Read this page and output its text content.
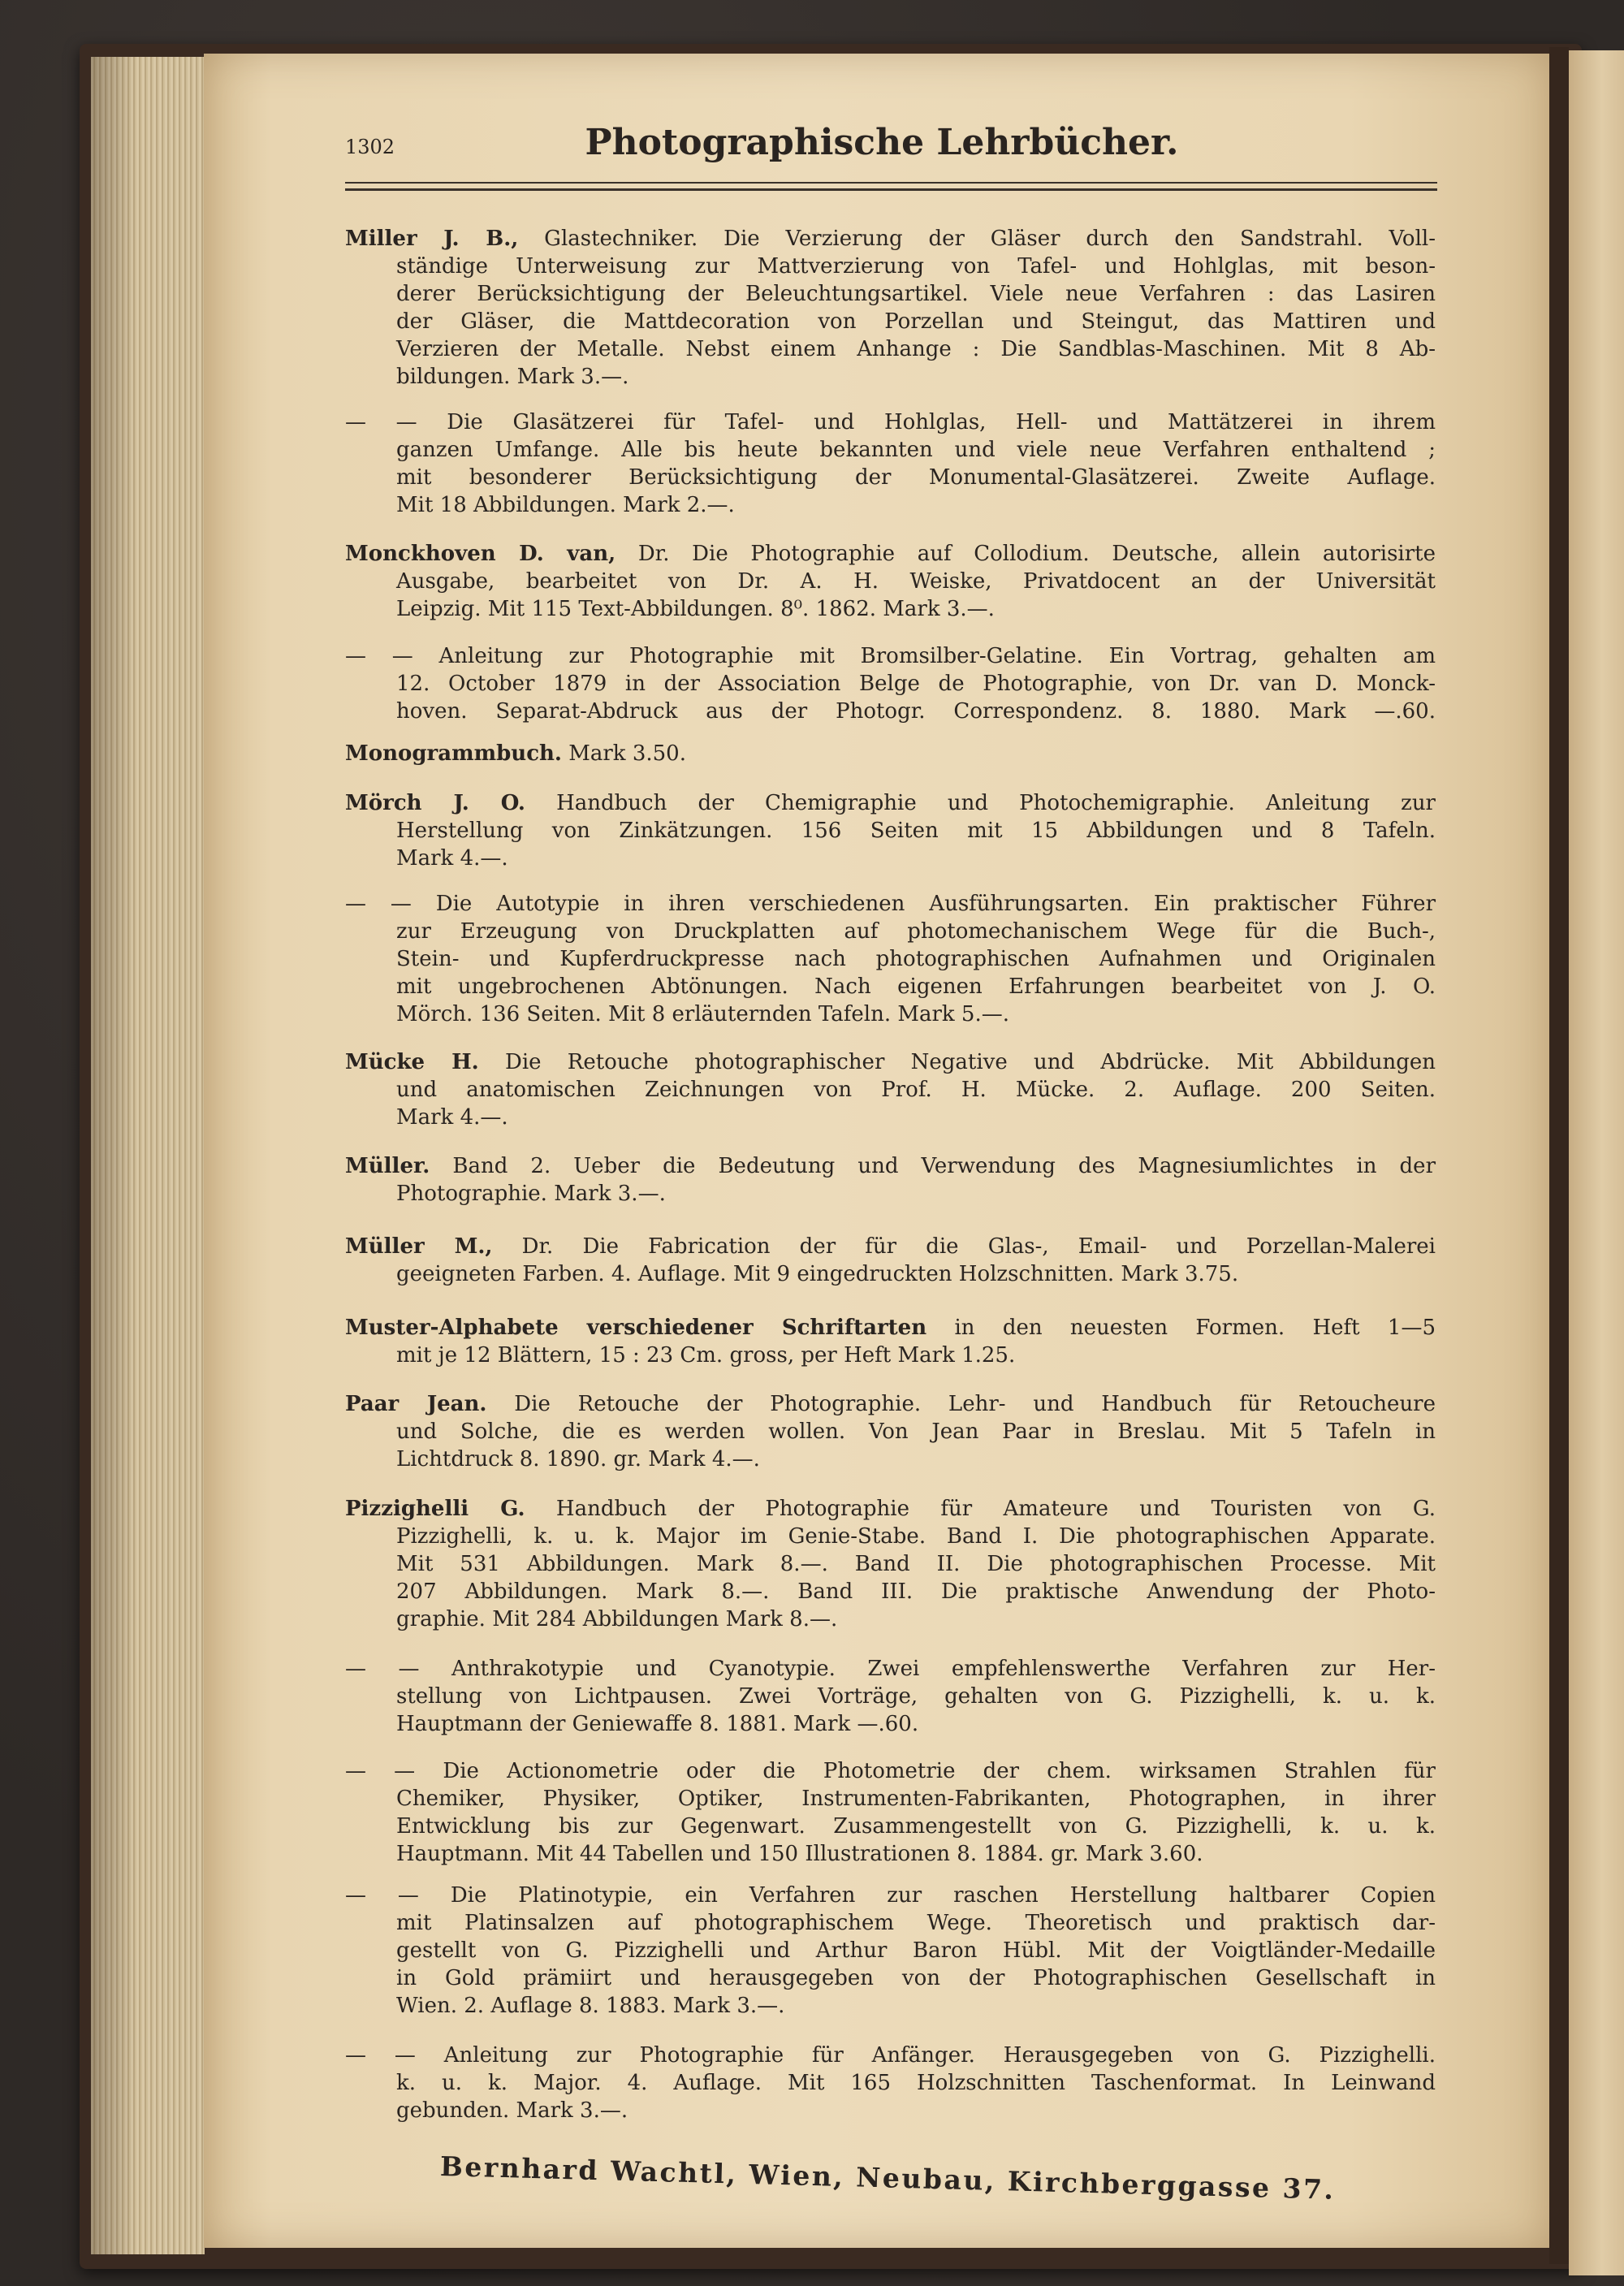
1302	Photographische Lehrbücher.
Miller J. B., Glastechniker. Die Verzierung der Gläser durch den Sandstrahl. Voll-
ständige Unterweisung zur Mattverzierung von Tafel- und Hohlglas, mit beson-
derer Berücksichtigung der Beleuchtungsartikel. Viele neue Verfahren : das Lasiren
der Gläser, die Mattdecoration von Porzellan und Steingut, das Mattiren und
Verzieren der Metalle. Nebst einem Anhange : Die Sandblas-Maschinen. Mit 8 Ab-
bildungen. Mark 3.—.
— — Die Glasätzerei für Tafel- und Hohlglas, Hell- und Mattätzerei in ihrem
ganzen Umfange. Alle bis heute bekannten und viele neue Verfahren enthaltend ;
mit besonderer Berücksichtigung der Monumental-Glasätzerei. Zweite Auflage.
Mit 18 Abbildungen. Mark 2.—.
Monckhoven D. van, Dr. Die Photographie auf Collodium. Deutsche, allein autorisirte
Ausgabe, bearbeitet von Dr. A. H. Weiske, Privatdocent an der Universität
Leipzig. Mit 115 Text-Abbildungen. 8⁰. 1862. Mark 3.—.
— — Anleitung zur Photographie mit Bromsilber-Gelatine. Ein Vortrag, gehalten am
12. October 1879 in der Association Belge de Photographie, von Dr. van D. Monck-
hoven. Separat-Abdruck aus der Photogr. Correspondenz. 8. 1880. Mark —.60.
Monogrammbuch. Mark 3.50.
Mörch J. O. Handbuch der Chemigraphie und Photochemigraphie. Anleitung zur
Herstellung von Zinkätzungen. 156 Seiten mit 15 Abbildungen und 8 Tafeln.
Mark 4.—.
— — Die Autotypie in ihren verschiedenen Ausführungsarten. Ein praktischer Führer
zur Erzeugung von Druckplatten auf photomechanischem Wege für die Buch-,
Stein- und Kupferdruckpresse nach photographischen Aufnahmen und Originalen
mit ungebrochenen Abtönungen. Nach eigenen Erfahrungen bearbeitet von J. O.
Mörch. 136 Seiten. Mit 8 erläuternden Tafeln. Mark 5.—.
Mücke H. Die Retouche photographischer Negative und Abdrücke. Mit Abbildungen
und anatomischen Zeichnungen von Prof. H. Mücke. 2. Auflage. 200 Seiten.
Mark 4.—.
Müller. Band 2. Ueber die Bedeutung und Verwendung des Magnesiumlichtes in der
Photographie. Mark 3.—.
Müller M., Dr. Die Fabrication der für die Glas-, Email- und Porzellan-Malerei
geeigneten Farben. 4. Auflage. Mit 9 eingedruckten Holzschnitten. Mark 3.75.
Muster-Alphabete verschiedener Schriftarten in den neuesten Formen. Heft 1—5
mit je 12 Blättern, 15 : 23 Cm. gross, per Heft Mark 1.25.
Paar Jean. Die Retouche der Photographie. Lehr- und Handbuch für Retoucheure
und Solche, die es werden wollen. Von Jean Paar in Breslau. Mit 5 Tafeln in
Lichtdruck 8. 1890. gr. Mark 4.—.
Pizzighelli G. Handbuch der Photographie für Amateure und Touristen von G.
Pizzighelli, k. u. k. Major im Genie-Stabe. Band I. Die photographischen Apparate.
Mit 531 Abbildungen. Mark 8.—. Band II. Die photographischen Processe. Mit
207 Abbildungen. Mark 8.—. Band III. Die praktische Anwendung der Photo-
graphie. Mit 284 Abbildungen Mark 8.—.
— — Anthrakotypie und Cyanotypie. Zwei empfehlenswerthe Verfahren zur Her-
stellung von Lichtpausen. Zwei Vorträge, gehalten von G. Pizzighelli, k. u. k.
Hauptmann der Geniewaffe 8. 1881. Mark —.60.
— — Die Actionometrie oder die Photometrie der chem. wirksamen Strahlen für
Chemiker, Physiker, Optiker, Instrumenten-Fabrikanten, Photographen, in ihrer
Entwicklung bis zur Gegenwart. Zusammengestellt von G. Pizzighelli, k. u. k.
Hauptmann. Mit 44 Tabellen und 150 Illustrationen 8. 1884. gr. Mark 3.60.
— — Die Platinotypie, ein Verfahren zur raschen Herstellung haltbarer Copien
mit Platinsalzen auf photographischem Wege. Theoretisch und praktisch dar-
gestellt von G. Pizzighelli und Arthur Baron Hübl. Mit der Voigtländer-Medaille
in Gold prämiirt und herausgegeben von der Photographischen Gesellschaft in
Wien. 2. Auflage 8. 1883. Mark 3.—.
— — Anleitung zur Photographie für Anfänger. Herausgegeben von G. Pizzighelli.
k. u. k. Major. 4. Auflage. Mit 165 Holzschnitten Taschenformat. In Leinwand
gebunden. Mark 3.—.
Bernhard Wachtl, Wien, Neubau, Kirchberggasse 37.
